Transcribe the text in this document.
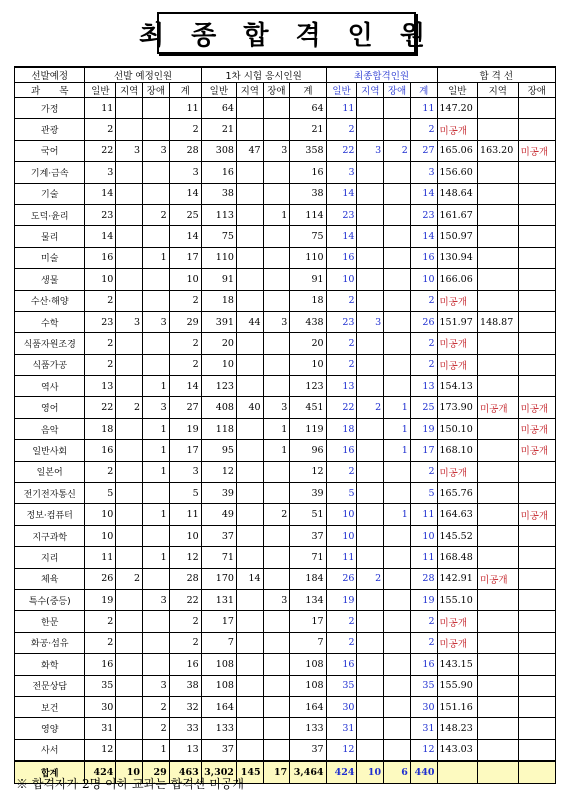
최 종 합 격 인 원
선발예정	선발 예정인원				1차 시험 응시인원				최종합격인원				합 격 선		
과　　목	일반	지역	장애	계	일반	지역	장애	계	일반	지역	장애	계	일반	지역	장애
가정	11			11	64			64	11			11	147.20		
관광	2			2	21			21	2			2	미공개		
국어	22	3	3	28	308	47	3	358	22	3	2	27	165.06	163.20	미공개
기계·금속	3			3	16			16	3			3	156.60		
기술	14			14	38			38	14			14	148.64		
도덕·윤리	23		2	25	113		1	114	23			23	161.67		
물리	14			14	75			75	14			14	150.97		
미술	16		1	17	110			110	16			16	130.94		
생물	10			10	91			91	10			10	166.06		
수산·해양	2			2	18			18	2			2	미공개		
수학	23	3	3	29	391	44	3	438	23	3		26	151.97	148.87	
식품자원조경	2			2	20			20	2			2	미공개		
식품가공	2			2	10			10	2			2	미공개		
역사	13		1	14	123			123	13			13	154.13		
영어	22	2	3	27	408	40	3	451	22	2	1	25	173.90	미공개	미공개
음악	18		1	19	118		1	119	18		1	19	150.10		미공개
일반사회	16		1	17	95		1	96	16		1	17	168.10		미공개
일본어	2		1	3	12			12	2			2	미공개		
전기전자통신	5			5	39			39	5			5	165.76		
정보·컴퓨터	10		1	11	49		2	51	10		1	11	164.63		미공개
지구과학	10			10	37			37	10			10	145.52		
지리	11		1	12	71			71	11			11	168.48		
체육	26	2		28	170	14		184	26	2		28	142.91	미공개	
특수(중등)	19		3	22	131		3	134	19			19	155.10		
한문	2			2	17			17	2			2	미공개		
화공·섬유	2			2	7			7	2			2	미공개		
화학	16			16	108			108	16			16	143.15		
전문상담	35		3	38	108			108	35			35	155.90		
보건	30		2	32	164			164	30			30	151.16		
영양	31		2	33	133			133	31			31	148.23		
사서	12		1	13	37			37	12			12	143.03		
합계	424	10	29	463	3,302	145	17	3,464	424	10	6	440			
※ 합격자가 2명 이하 교과는 합격선 미공개
